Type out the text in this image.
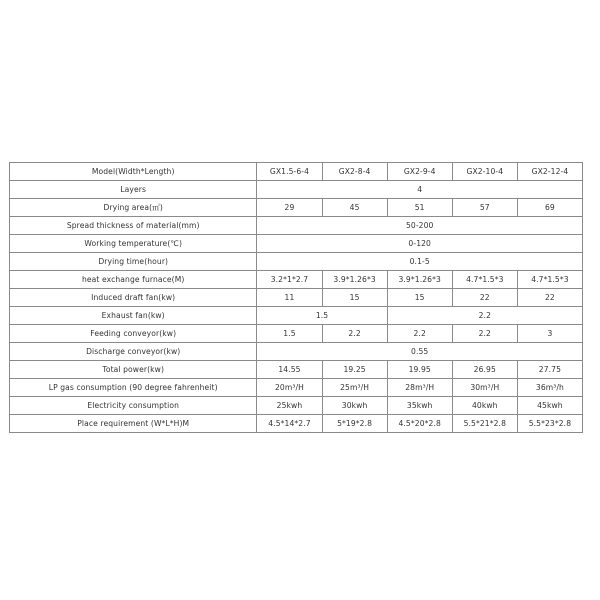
Model(Width*Length)	GX1.5-6-4	GX2-8-4	GX2-9-4	GX2-10-4	GX2-12-4
Layers	4				
Drying area(㎡)	29	45	51	57	69
Spread thickness of material(mm)	50-200				
Working temperature(℃)	0-120				
Drying time(hour)	0.1-5				
heat exchange furnace(M)	3.2*1*2.7	3.9*1.26*3	3.9*1.26*3	4.7*1.5*3	4.7*1.5*3
Induced draft fan(kw)	11	15	15	22	22
Exhaust fan(kw)	1.5		2.2		
Feeding conveyor(kw)	1.5	2.2	2.2	2.2	3
Discharge conveyor(kw)	0.55				
Total power(kw)	14.55	19.25	19.95	26.95	27.75
LP gas consumption (90 degree fahrenheit)	20m³/H	25m³/H	28m³/H	30m³/H	36m³/h
Electricity consumption	25kwh	30kwh	35kwh	40kwh	45kwh
Place requirement (W*L*H)M	4.5*14*2.7	5*19*2.8	4.5*20*2.8	5.5*21*2.8	5.5*23*2.8
